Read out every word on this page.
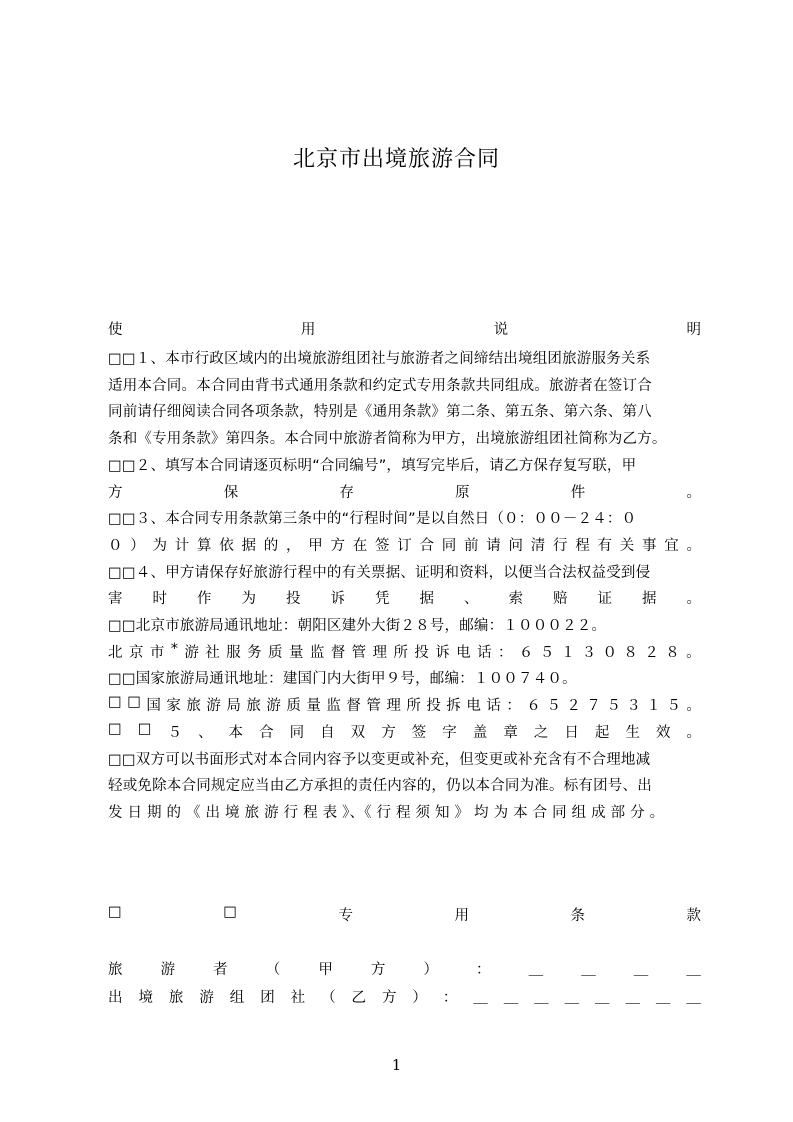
北京市出境旅游合同
使	用	说	明
□□１、本市行政区域内的出境旅游组团社与旅游者之间缔结出境组团旅游服务关系
适用本合同。本合同由背书式通用条款和约定式专用条款共同组成。旅游者在签订合
同前请仔细阅读合同各项条款，特别是《通用条款》第二条、第五条、第六条、第八
条和《专用条款》第四条。本合同中旅游者简称为甲方，出境旅游组团社简称为乙方。
□□２、填写本合同请逐页标明“合同编号”，填写完毕后，请乙方保存复写联，甲
方	保	存	原	件	。
□□３、本合同专用条款第三条中的“行程时间”是以自然日（０：００－２４：０
０ ） 为 计 算 依 据 的 ， 甲 方 在 签 订 合 同 前 请 问 清 行 程 有 关 事 宜 。
□□４、甲方请保存好旅游行程中的有关票据、证明和资料，以便当合法权益受到侵
害 时 作 为 投 诉 凭 据 、 索 赔 证 据 。
□□北京市旅游局通讯地址：朝阳区建外大街２８号，邮编：１０００２２。
北 京 市 * 游 社 服 务 质 量 监 督 管 理 所 投 诉 电 话 ： ６ ５ １ ３ ０ ８ ２ ８ 。
□□国家旅游局通讯地址：建国门内大街甲９号，邮编：１００７４０。
□ □ 国 家 旅 游 局 旅 游 质 量 监 督 管 理 所 投 拆 电 话 ： ６ ５ ２ ７ ５ ３ １ ５ 。
□ □ ５ 、 本 合 同 自 双 方 签 字 盖 章 之 日 起 生 效 。
□□双方可以书面形式对本合同内容予以变更或补充，但变更或补充含有不合理地减
轻或免除本合同规定应当由乙方承担的责任内容的，仍以本合同为准。标有团号、出
发 日 期 的 《 出 境 旅 游 行 程 表 》、《 行 程 须 知 》 均 为 本 合 同 组 成 部 分 。
□	□	专	用	条	款
旅	游	者	（	甲	方	）	：	＿	＿	＿	＿
出 境 旅 游 组 团 社 （ 乙 方 ） ： ＿ ＿ ＿ ＿ ＿ ＿ ＿ ＿
1
